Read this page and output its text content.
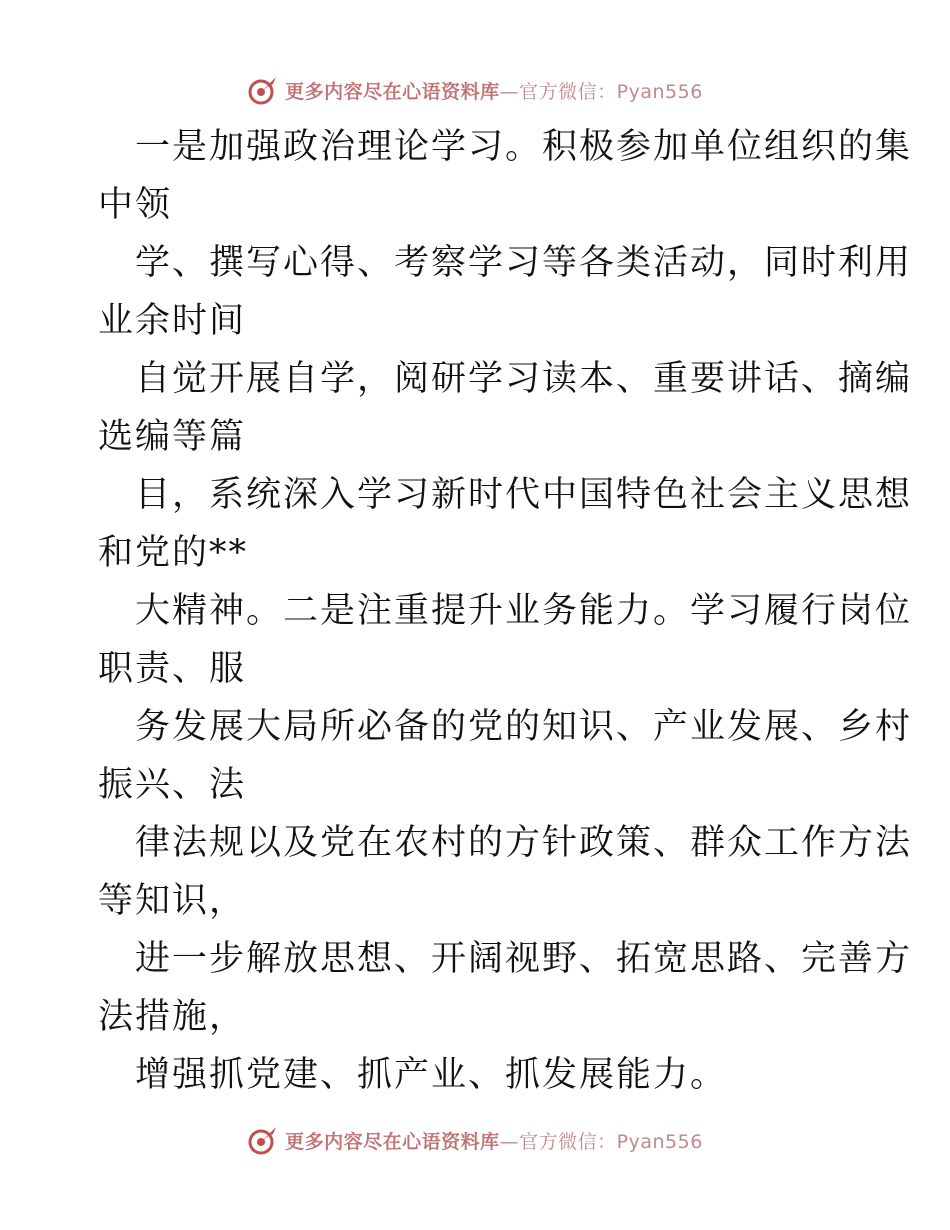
更多内容尽在心语资料库—官方微信：Pyan556
一是加强政治理论学习。积极参加单位组织的集
中领
学、撰写心得、考察学习等各类活动，同时利用
业余时间
自觉开展自学，阅研学习读本、重要讲话、摘编
选编等篇
目，系统深入学习新时代中国特色社会主义思想
和党的**
大精神。二是注重提升业务能力。学习履行岗位
职责、服
务发展大局所必备的党的知识、产业发展、乡村
振兴、法
律法规以及党在农村的方针政策、群众工作方法
等知识，
进一步解放思想、开阔视野、拓宽思路、完善方
法措施，
增强抓党建、抓产业、抓发展能力。
更多内容尽在心语资料库—官方微信：Pyan556
